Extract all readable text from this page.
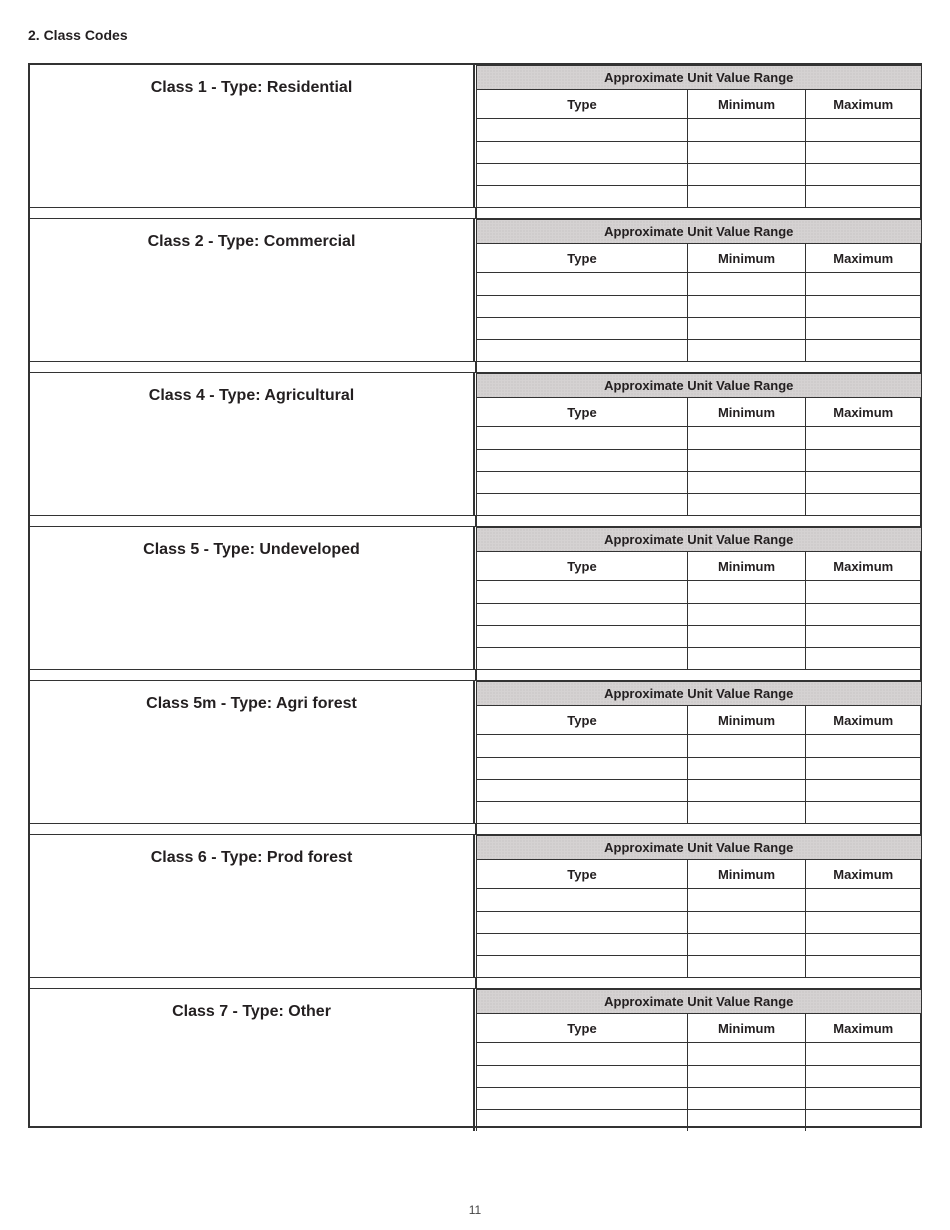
2. Class Codes
Class 1 - Type: Residential
Approximate Unit Value Range		
Type	Minimum	Maximum

Class 2 - Type: Commercial
Approximate Unit Value Range		
Type	Minimum	Maximum

Class 4 - Type: Agricultural
Approximate Unit Value Range		
Type	Minimum	Maximum

Class 5 - Type: Undeveloped
Approximate Unit Value Range		
Type	Minimum	Maximum

Class 5m - Type: Agri forest
Approximate Unit Value Range		
Type	Minimum	Maximum

Class 6 - Type: Prod forest
Approximate Unit Value Range		
Type	Minimum	Maximum

Class 7 - Type: Other
Approximate Unit Value Range		
Type	Minimum	Maximum

11
